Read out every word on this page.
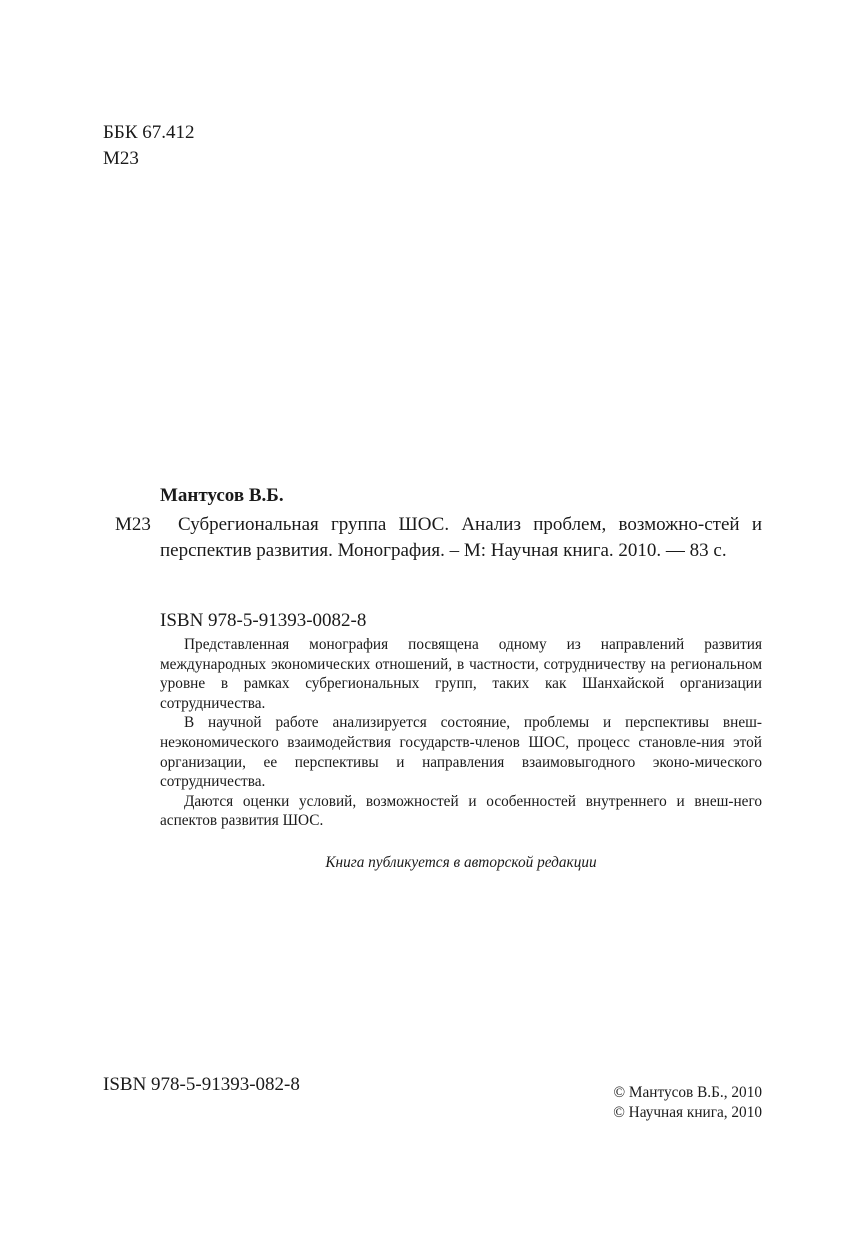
ББК 67.412
М23
Мантусов В.Б.
М23	Субрегиональная группа ШОС. Анализ проблем, возможно-стей и перспектив развития. Монография. – М: Научная книга. 2010. — 83 с.
ISBN 978-5-91393-0082-8

Представленная монография посвящена одному из направлений развития международных экономических отношений, в частности, сотрудничеству на региональном уровне в рамках субрегиональных групп, таких как Шанхайской организации сотрудничества.

В научной работе анализируется состояние, проблемы и перспективы внеш-неэкономического взаимодействия государств-членов ШОС, процесс становле-ния этой организации, ее перспективы и направления взаимовыгодного эконо-мического сотрудничества.

Даются оценки условий, возможностей и особенностей внутреннего и внеш-него аспектов развития ШОС.

Книга публикуется в авторской редакции
ISBN 978-5-91393-082-8	© Мантусов В.Б., 2010
© Научная книга, 2010
